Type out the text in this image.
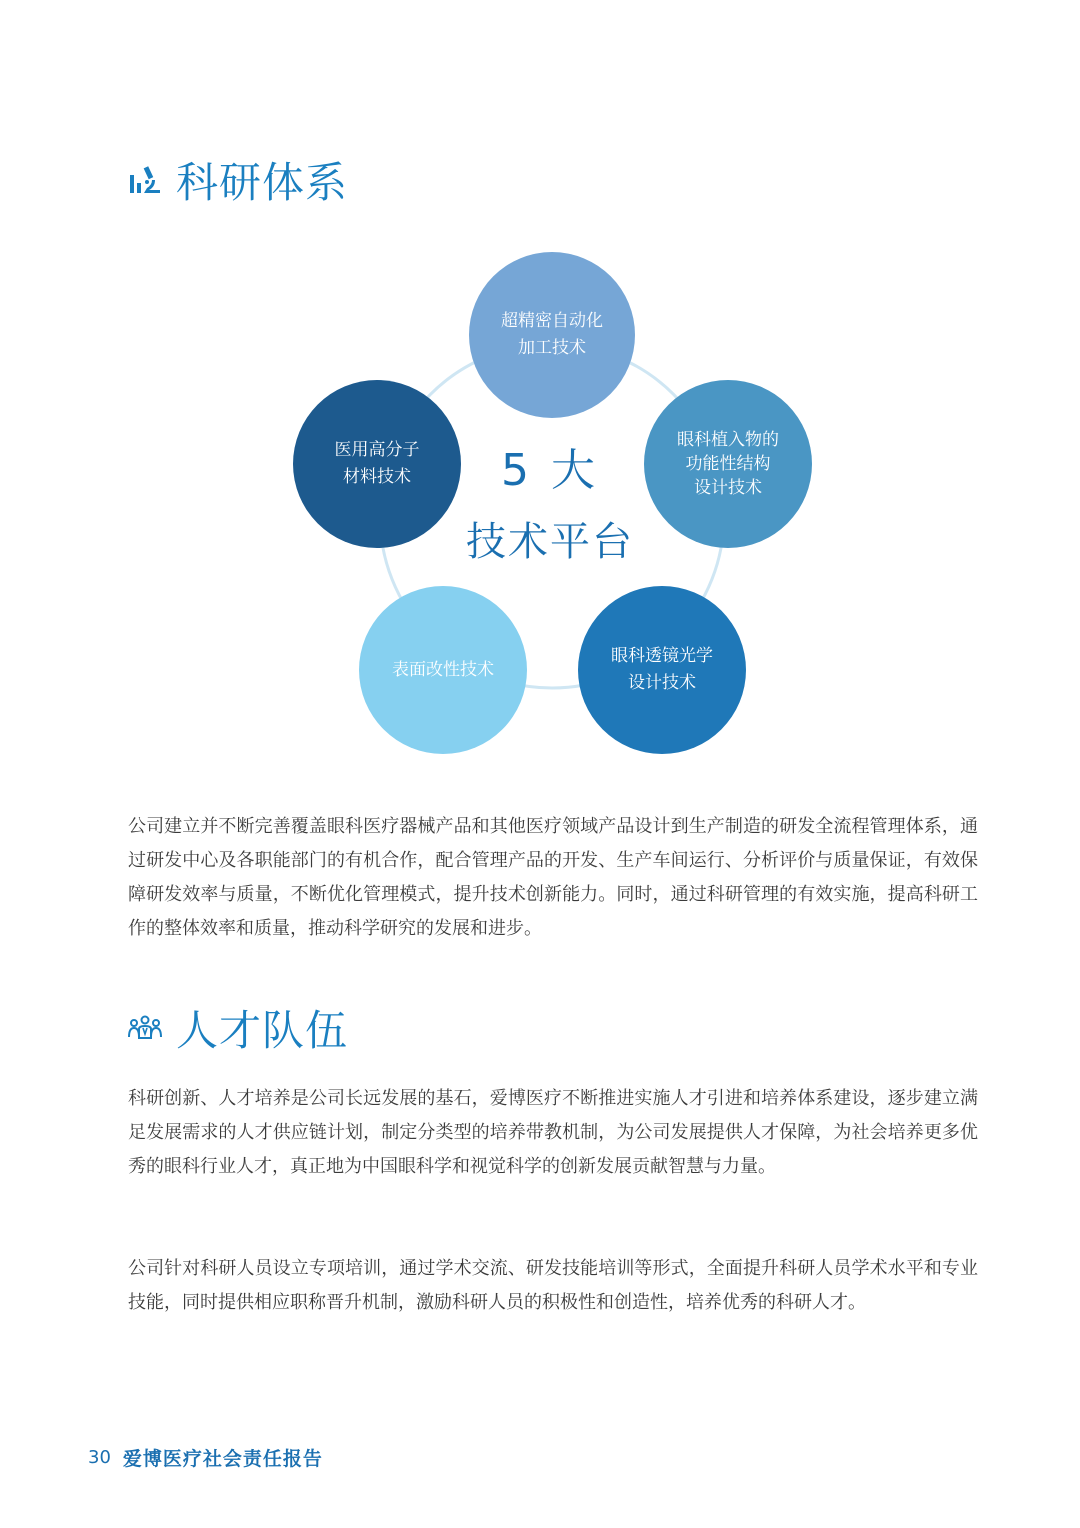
科研体系
超精密自动化
加工技术
眼科植入物的
功能性结构
设计技术
眼科透镜光学
设计技术
表面改性技术
医用高分子
材料技术	5 大
技术平台
公司建立并不断完善覆盖眼科医疗器械产品和其他医疗领域产品设计到生产制造的研发全流程管理体系，通过研发中心及各职能部门的有机合作，配合管理产品的开发、生产车间运行、分析评价与质量保证，有效保障研发效率与质量，不断优化管理模式，提升技术创新能力。同时，通过科研管理的有效实施，提高科研工作的整体效率和质量，推动科学研究的发展和进步。
人才队伍
科研创新、人才培养是公司长远发展的基石，爱博医疗不断推进实施人才引进和培养体系建设，逐步建立满足发展需求的人才供应链计划，制定分类型的培养带教机制，为公司发展提供人才保障，为社会培养更多优秀的眼科行业人才，真正地为中国眼科学和视觉科学的创新发展贡献智慧与力量。
公司针对科研人员设立专项培训，通过学术交流、研发技能培训等形式，全面提升科研人员学术水平和专业技能，同时提供相应职称晋升机制，激励科研人员的积极性和创造性，培养优秀的科研人才。
30 爱博医疗社会责任报告
